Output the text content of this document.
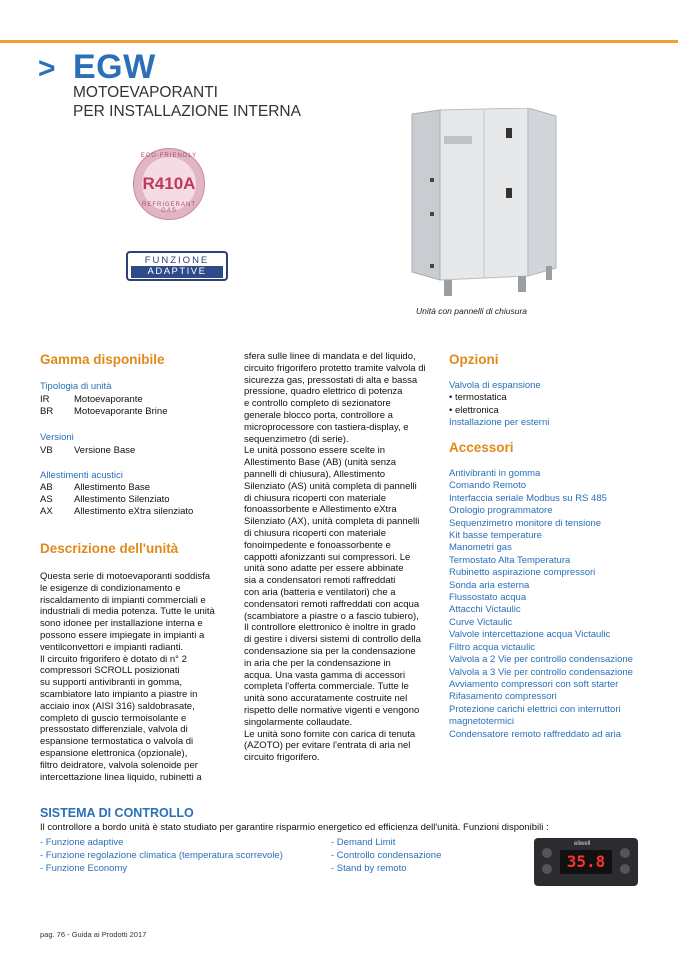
> EGW
MOTOEVAPORANTI
PER INSTALLAZIONE INTERNA
ECO-FRIENDLY
R410A
REFRIGERANT GAS
FUNZIONE
ADAPTIVE
Unità con pannelli di chiusura
Gamma disponibile
Tipologia di unità
IR	Motoevaporante
BR Motoevaporante Brine
Versioni
VB Versione Base
Allestimenti acustici
AB Allestimento Base
AS Allestimento Silenziato
AX Allestimento eXtra silenziato
Descrizione dell'unità
Questa serie di motoevaporanti soddisfa
le esigenze di condizionamento e
riscaldamento di impianti commerciali e
industriali di media potenza. Tutte le unità
sono idonee per installazione interna e
possono essere impiegate in impianti a
ventilconvettori e impianti radianti.
Il circuito frigorifero è dotato di n° 2
compressori SCROLL posizionati
su supporti antivibranti in gomma,
scambiatore lato impianto a piastre in
acciaio inox (AISI 316) saldobrasate,
completo di guscio termoisolante e
pressostato differenziale, valvola di
espansione termostatica o valvola di
espansione elettronica (opzionale),
filtro deidratore, valvola solenoide per
intercettazione linea liquido, rubinetti a
sfera sulle linee di mandata e del liquido,
circuito frigorifero protetto tramite valvola di
sicurezza gas, pressostati di alta e bassa
pressione, quadro elettrico di potenza
e controllo completo di sezionatore
generale blocco porta, controllore a
microprocessore con tastiera-display, e
sequenzimetro (di serie).
Le unità possono essere scelte in
Allestimento Base (AB) (unità senza
pannelli di chiusura), Allestimento
Silenziato (AS) unità completa di pannelli
di chiusura ricoperti con materiale
fonoassorbente e Allestimento eXtra
Silenziato (AX), unità completa di pannelli
di chiusura ricoperti con materiale
fonoimpedente e fonoassorbente e
cappotti afonizzanti sui compressori. Le
unità sono adatte per essere abbinate
sia a condensatori remoti raffreddati
con aria (batteria e ventilatori) che a
condensatori remoti raffreddati con acqua
(scambiatore a piastre o a fascio tubiero),
Il controllore elettronico è inoltre in grado
di gestire i diversi sistemi di controllo della
condensazione sia per la condensazione
in aria che per la condensazione in
acqua. Una vasta gamma di accessori
completa l'offerta commerciale. Tutte le
unità sono accuratamente costruite nel
rispetto delle normative vigenti e vengono
singolarmente collaudate.
Le unità sono fornite con carica di tenuta
(AZOTO) per evitare l'entrata di aria nel
circuito frigorifero.
Opzioni
Valvola di espansione
• termostatica
• elettronica
Installazione per esterni
Accessori
Antivibranti in gomma
Comando Remoto
Interfaccia seriale Modbus su RS 485
Orologio programmatore
Sequenzimetro monitore di tensione
Kit basse temperature
Manometri gas
Termostato Alta Temperatura
Rubinetto aspirazione compressori
Sonda aria esterna
Flussostato acqua
Attacchi Victaulic
Curve Victaulic
Valvole intercettazione acqua Victaulic
Filtro acqua victaulic
Valvola a 2 Vie per controllo condensazione
Valvola a 3 Vie per controllo condensazione
Avviamento compressori con soft starter
Rifasamento compressori
Protezione carichi elettrici con interruttori
magnetotermici
Condensatore remoto raffreddato ad aria
SISTEMA DI CONTROLLO
Il controllore a bordo unità è stato studiato per garantire risparmio energetico ed efficienza dell'unità. Funzioni disponibili :
- Funzione adaptive
- Funzione regolazione climatica (temperatura scorrevole)
- Funzione Economy
- Demand Limit
- Controllo condensazione
- Stand by remoto
eliwell
35.8
pag. 76 - Guida ai Prodotti 2017
